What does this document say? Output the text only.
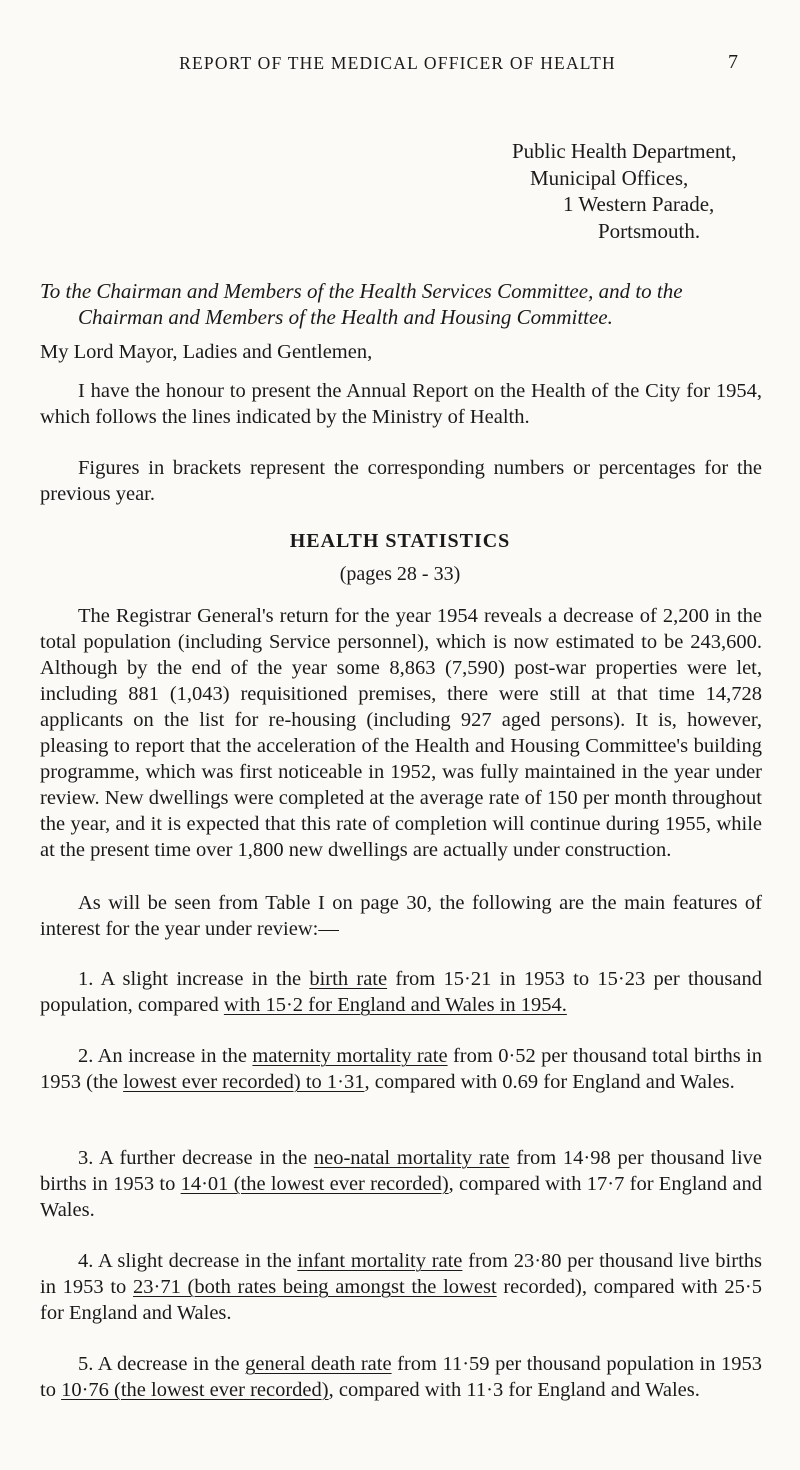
REPORT OF THE MEDICAL OFFICER OF HEALTH	7
Public Health Department,
Municipal Offices,
1 Western Parade,
Portsmouth.
To the Chairman and Members of the Health Services Committee, and to the
Chairman and Members of the Health and Housing Committee.
My Lord Mayor, Ladies and Gentlemen,

I have the honour to present the Annual Report on the Health of the City for 1954, which follows the lines indicated by the Ministry of Health.

Figures in brackets represent the corresponding numbers or percentages for the previous year.

HEALTH STATISTICS
(pages 28 - 33)

The Registrar General's return for the year 1954 reveals a decrease of 2,200 in the total population (including Service personnel), which is now estimated to be 243,600. Although by the end of the year some 8,863 (7,590) post-war properties were let, including 881 (1,043) requisitioned premises, there were still at that time 14,728 applicants on the list for re-housing (including 927 aged persons). It is, however, pleasing to report that the acceleration of the Health and Housing Committee's building programme, which was first noticeable in 1952, was fully maintained in the year under review. New dwellings were completed at the average rate of 150 per month throughout the year, and it is expected that this rate of completion will continue during 1955, while at the present time over 1,800 new dwellings are actually under construction.

As will be seen from Table I on page 30, the following are the main features of interest for the year under review:—

1. A slight increase in the birth rate from 15·21 in 1953 to 15·23 per thousand population, compared with 15·2 for England and Wales in 1954.

2. An increase in the maternity mortality rate from 0·52 per thousand total births in 1953 (the lowest ever recorded) to 1·31, compared with 0.69 for England and Wales.

3. A further decrease in the neo-natal mortality rate from 14·98 per thousand live births in 1953 to 14·01 (the lowest ever recorded), compared with 17·7 for England and Wales.

4. A slight decrease in the infant mortality rate from 23·80 per thousand live births in 1953 to 23·71 (both rates being amongst the lowest recorded), compared with 25·5 for England and Wales.

5. A decrease in the general death rate from 11·59 per thousand population in 1953 to 10·76 (the lowest ever recorded), compared with 11·3 for England and Wales.
